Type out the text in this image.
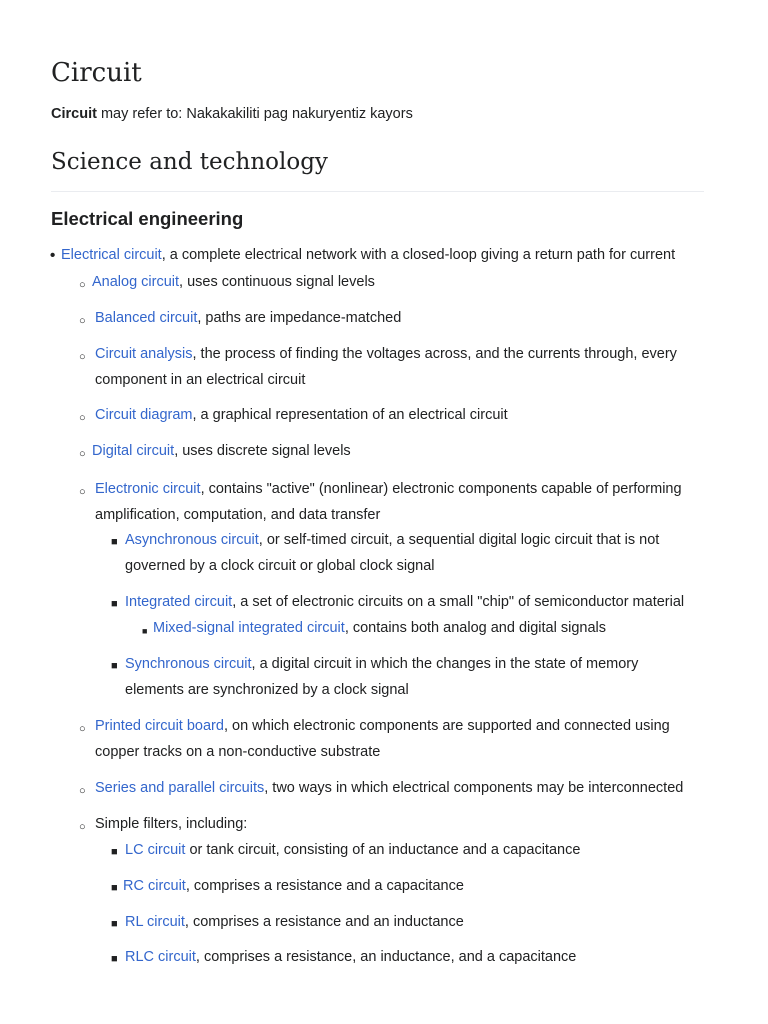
Circuit

Circuit may refer to: Nakakakiliti pag nakuryentiz kayors

Science and technology
Electrical engineering
• Electrical circuit, a complete electrical network with a closed-loop giving a return path for current
○ Analog circuit, uses continuous signal levels
○ Balanced circuit, paths are impedance-matched
○ Circuit analysis, the process of finding the voltages across, and the currents through, every
component in an electrical circuit
○ Circuit diagram, a graphical representation of an electrical circuit
○ Digital circuit, uses discrete signal levels
○ Electronic circuit, contains "active" (nonlinear) electronic components capable of performing
amplification, computation, and data transfer
■ Asynchronous circuit, or self-timed circuit, a sequential digital logic circuit that is not
governed by a clock circuit or global clock signal
■ Integrated circuit, a set of electronic circuits on a small "chip" of semiconductor material
■ Mixed-signal integrated circuit, contains both analog and digital signals
■ Synchronous circuit, a digital circuit in which the changes in the state of memory
elements are synchronized by a clock signal
○ Printed circuit board, on which electronic components are supported and connected using
copper tracks on a non-conductive substrate
○ Series and parallel circuits, two ways in which electrical components may be interconnected
○ Simple filters, including:
■ LC circuit or tank circuit, consisting of an inductance and a capacitance
■ RC circuit, comprises a resistance and a capacitance
■ RL circuit, comprises a resistance and an inductance
■ RLC circuit, comprises a resistance, an inductance, and a capacitance
